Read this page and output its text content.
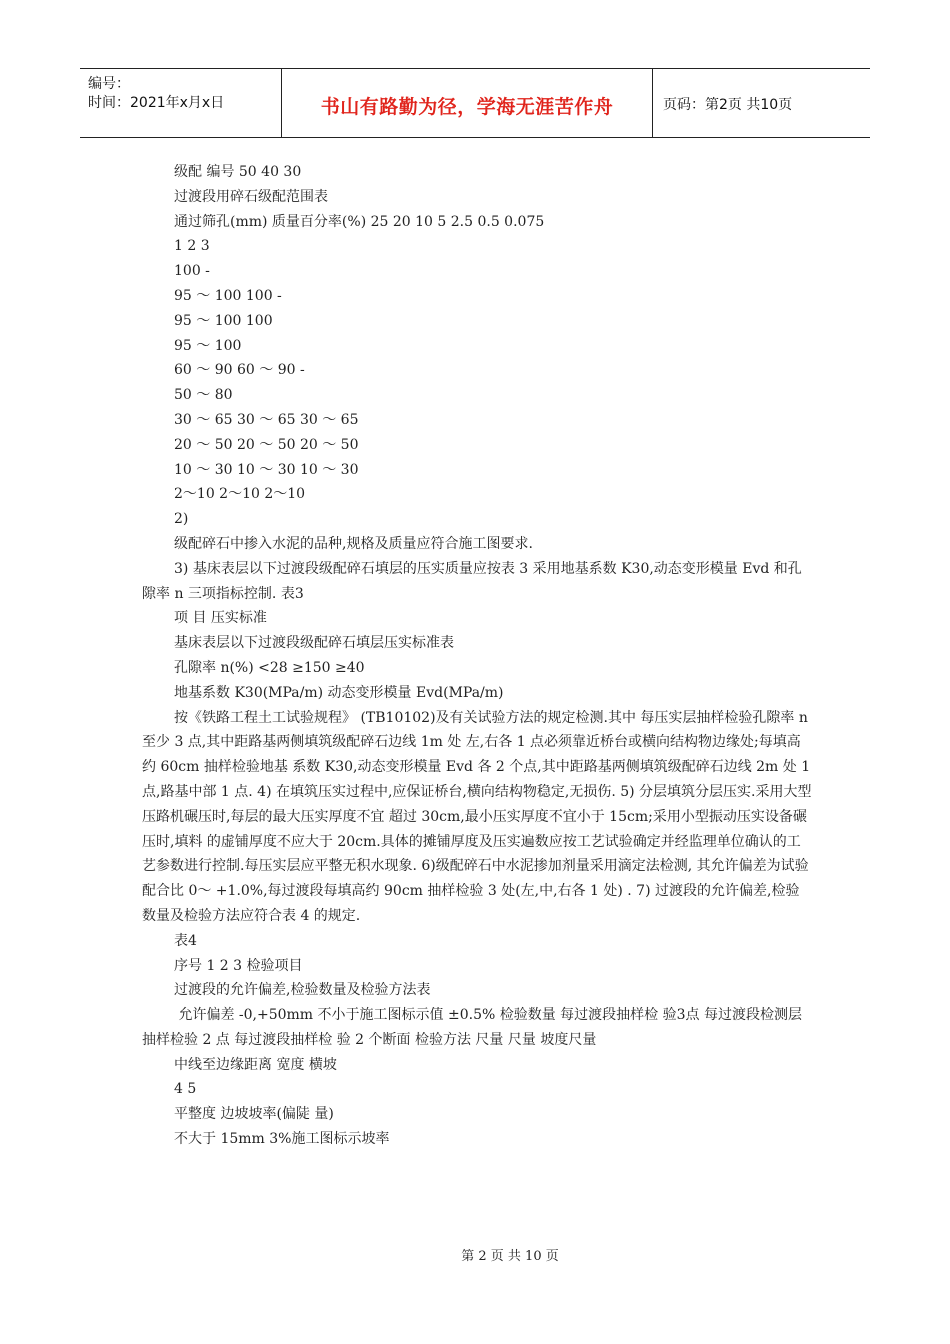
编号：
时间：2021年x月x日	书山有路勤为径，学海无涯苦作舟	页码：第2页 共10页

级配 编号 50 40 30

过渡段用碎石级配范围表

通过筛孔(mm) 质量百分率(%) 25 20 10 5 2.5 0.5 0.075

1 2 3

100 -

95 ～ 100 100 -

95 ～ 100 100

95 ～ 100

60 ～ 90 60 ～ 90 -

50 ～ 80

30 ～ 65 30 ～ 65 30 ～ 65

20 ～ 50 20 ～ 50 20 ～ 50

10 ～ 30 10 ～ 30 10 ～ 30

2～10 2～10 2～10

2)

级配碎石中掺入水泥的品种,规格及质量应符合施工图要求.

3) 基床表层以下过渡段级配碎石填层的压实质量应按表 3 采用地基系数 K30,动态变形模量 Evd 和孔隙率 n 三项指标控制. 表3

项 目 压实标准

基床表层以下过渡段级配碎石填层压实标准表

孔隙率 n(%) <28 ≥150 ≥40

地基系数 K30(MPa/m) 动态变形模量 Evd(MPa/m)

按《铁路工程土工试验规程》 (TB10102)及有关试验方法的规定检测.其中 每压实层抽样检验孔隙率 n 至少 3 点,其中距路基两侧填筑级配碎石边线 1m 处 左,右各 1 点必须靠近桥台或横向结构物边缘处;每填高约 60cm 抽样检验地基 系数 K30,动态变形模量 Evd 各 2 个点,其中距路基两侧填筑级配碎石边线 2m 处 1 点,路基中部 1 点. 4) 在填筑压实过程中,应保证桥台,横向结构物稳定,无损伤. 5) 分层填筑分层压实.采用大型压路机碾压时,每层的最大压实厚度不宜 超过 30cm,最小压实厚度不宜小于 15cm;采用小型振动压实设备碾压时,填料 的虚铺厚度不应大于 20cm.具体的摊铺厚度及压实遍数应按工艺试验确定并经监理单位确认的工艺参数进行控制.每压实层应平整无积水现象. 6)级配碎石中水泥掺加剂量采用滴定法检测, 其允许偏差为试验配合比 0～ +1.0%,每过渡段每填高约 90cm 抽样检验 3 处(左,中,右各 1 处) . 7) 过渡段的允许偏差,检验数量及检验方法应符合表 4 的规定.

表4

序号 1 2 3 检验项目

过渡段的允许偏差,检验数量及检验方法表

允许偏差 -0,+50mm 不小于施工图标示值 ±0.5% 检验数量 每过渡段抽样检 验3点 每过渡段检测层 抽样检验 2 点 每过渡段抽样检 验 2 个断面 检验方法 尺量 尺量 坡度尺量

中线至边缘距离 宽度 横坡

4 5

平整度 边坡坡率(偏陡 量)

不大于 15mm 3%施工图标示坡率

第 2 页 共 10 页
